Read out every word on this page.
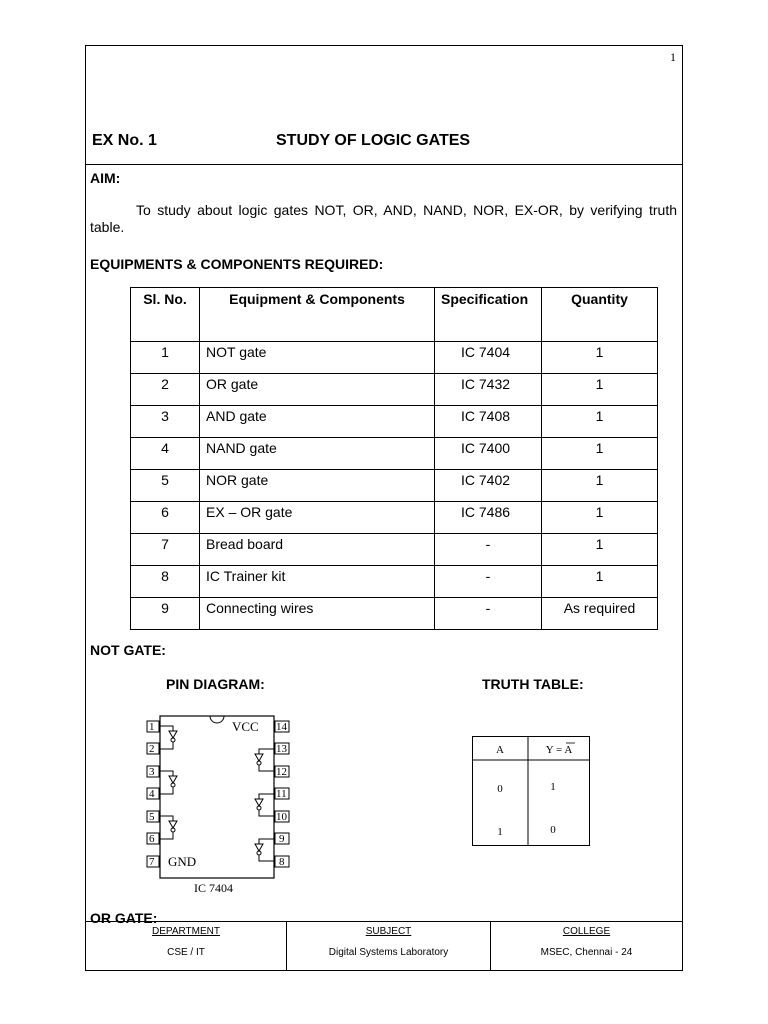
1
EX No. 1	STUDY OF LOGIC GATES
AIM:
To study about logic gates NOT, OR, AND, NAND, NOR, EX-OR, by verifying truth table.
EQUIPMENTS & COMPONENTS REQUIRED:
Sl. No.	Equipment & Components	Specification	Quantity
1	NOT gate	IC 7404	1
2	OR gate	IC 7432	1
3	AND gate	IC 7408	1
4	NAND gate	IC 7400	1
5	NOR gate	IC 7402	1
6	EX – OR gate	IC 7486	1
7	Bread board	-	1
8	IC Trainer kit	-	1
9	Connecting wires	-	As required
NOT GATE:
PIN DIAGRAM:	TRUTH TABLE:
VCC
GND
IC 7404
1
2
3
4
5
6
7
14
13
12
11
10
9
8
A	Y = A
0	1
1	0
OR GATE:
DEPARTMENT
CSE / IT
SUBJECT
Digital Systems Laboratory
COLLEGE
MSEC, Chennai - 24
